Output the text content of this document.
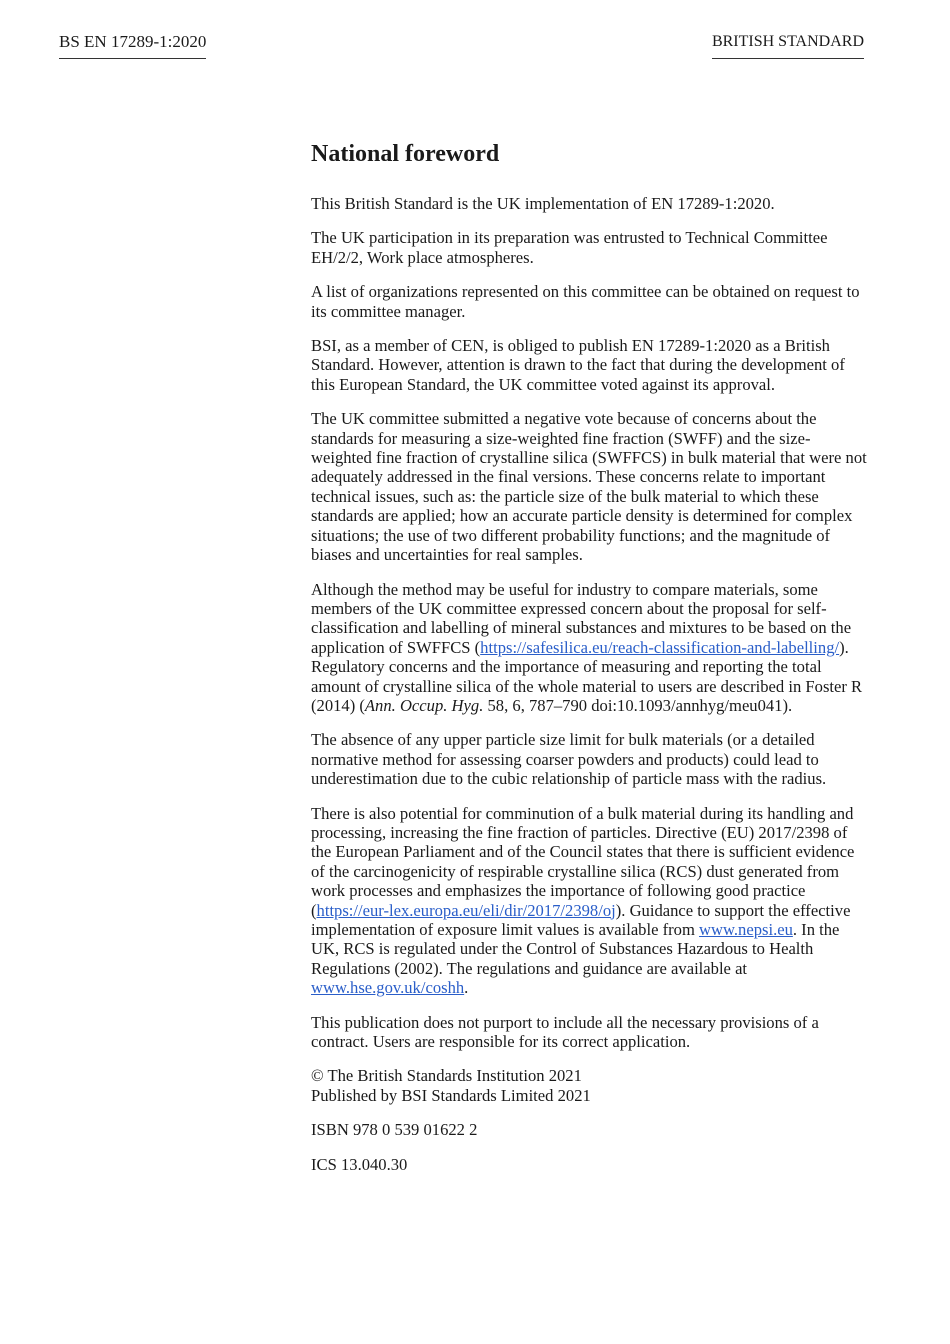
BS EN 17289-1:2020	BRITISH STANDARD
National foreword

This British Standard is the UK implementation of EN 17289-1:2020.

The UK participation in its preparation was entrusted to Technical Committee EH/2/2, Work place atmospheres.

A list of organizations represented on this committee can be obtained on request to its committee manager.

BSI, as a member of CEN, is obliged to publish EN 17289-1:2020 as a British Standard. However, attention is drawn to the fact that during the development of this European Standard, the UK committee voted against its approval.

The UK committee submitted a negative vote because of concerns about the standards for measuring a size-weighted fine fraction (SWFF) and the size-weighted fine fraction of crystalline silica (SWFFCS) in bulk material that were not adequately addressed in the final versions. These concerns relate to important technical issues, such as: the particle size of the bulk material to which these standards are applied; how an accurate particle density is determined for complex situations; the use of two different probability functions; and the magnitude of biases and uncertainties for real samples.

Although the method may be useful for industry to compare materials, some members of the UK committee expressed concern about the proposal for self-classification and labelling of mineral substances and mixtures to be based on the application of SWFFCS (https://safesilica.eu/reach-classification-and-labelling/). Regulatory concerns and the importance of measuring and reporting the total amount of crystalline silica of the whole material to users are described in Foster R (2014) (Ann. Occup. Hyg. 58, 6, 787–790 doi:10.1093/annhyg/meu041).

The absence of any upper particle size limit for bulk materials (or a detailed normative method for assessing coarser powders and products) could lead to underestimation due to the cubic relationship of particle mass with the radius.

There is also potential for comminution of a bulk material during its handling and processing, increasing the fine fraction of particles. Directive (EU) 2017/2398 of the European Parliament and of the Council states that there is sufficient evidence of the carcinogenicity of respirable crystalline silica (RCS) dust generated from work processes and emphasizes the importance of following good practice (https://eur-lex.europa.eu/eli/dir/2017/2398/oj). Guidance to support the effective implementation of exposure limit values is available from www.nepsi.eu. In the UK, RCS is regulated under the Control of Substances Hazardous to Health Regulations (2002). The regulations and guidance are available at www.hse.gov.uk/coshh.

This publication does not purport to include all the necessary provisions of a contract. Users are responsible for its correct application.

© The British Standards Institution 2021
Published by BSI Standards Limited 2021

ISBN 978 0 539 01622 2

ICS 13.040.30
